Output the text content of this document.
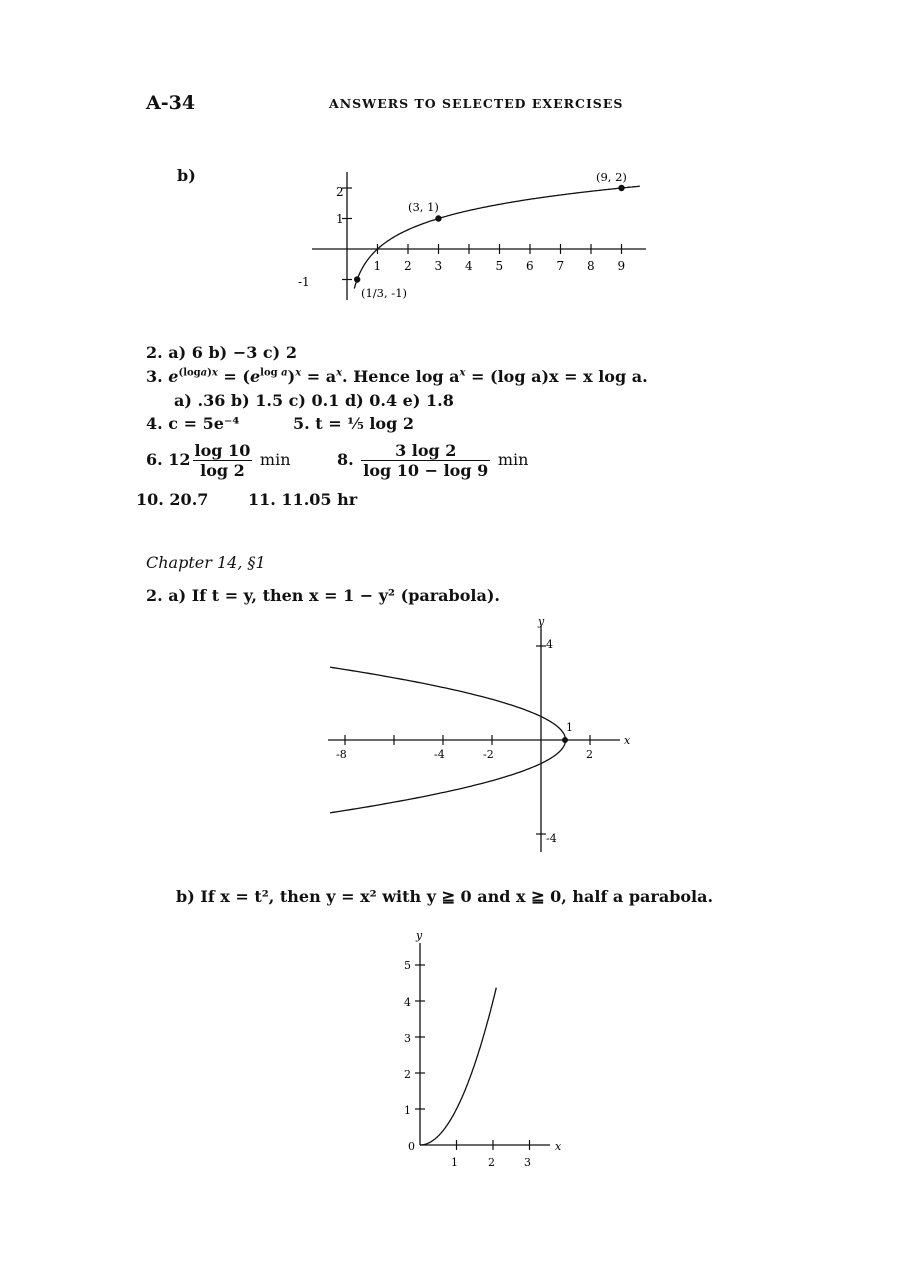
A-34	ANSWERS TO SELECTED EXERCISES
b)
1 2 3 4 5 6 7 8 9
-1
2
1
(3, 1)
(9, 2)
(1/3, -1)
2. a) 6 b) −3 c) 2
3. $e^{(loga)x} = (e^{log a})^x = a^x$. Hence $\log a^x = (\log$ a)x = x log a.
a) .36 b) 1.5 c) 0.1 d) 0.4 e) 1.8
4. c = 5e⁻⁴	5. t = ⅕ log 2
6. $12 \frac{\log 10}{\log 2}$ min	8. $\frac{3 \log 2}{\log 10 - \log 9}$ min
10. 20.7 11. 11.05 hr
Chapter 14, §1
2. a) If t = y, then x = 1 − y² (parabola).
y
x
1
-8	-4	-2	2
4
-4
b) If x = t², then y = x² with y ≧ 0 and x ≧ 0, half a parabola.
y
x
1	2	3
5
4
3
2
1
0
